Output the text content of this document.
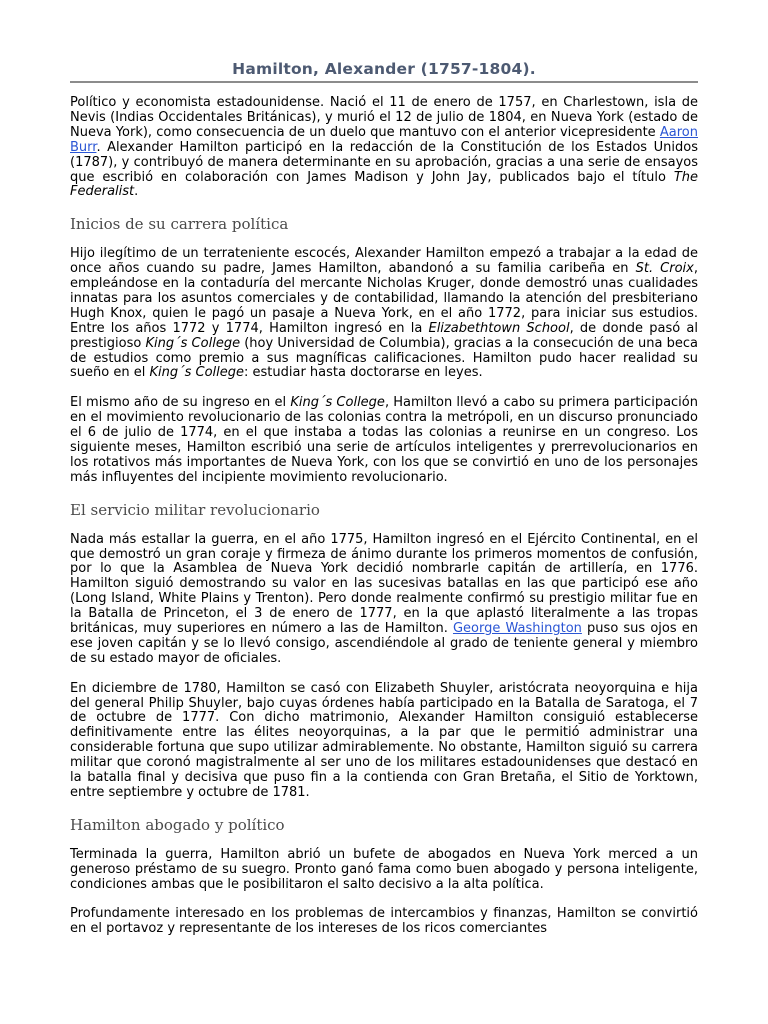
Hamilton, Alexander (1757-1804).

Político y economista estadounidense. Nació el 11 de enero de 1757, en Charlestown, isla de Nevis (Indias Occidentales Británicas), y murió el 12 de julio de 1804, en Nueva York (estado de Nueva York), como consecuencia de un duelo que mantuvo con el anterior vicepresidente Aaron Burr. Alexander Hamilton participó en la redacción de la Constitución de los Estados Unidos (1787), y contribuyó de manera determinante en su aprobación, gracias a una serie de ensayos que escribió en colaboración con James Madison y John Jay, publicados bajo el título The Federalist.

Inicios de su carrera política

Hijo ilegítimo de un terrateniente escocés, Alexander Hamilton empezó a trabajar a la edad de once años cuando su padre, James Hamilton, abandonó a su familia caribeña en St. Croix, empleándose en la contaduría del mercante Nicholas Kruger, donde demostró unas cualidades innatas para los asuntos comerciales y de contabilidad, llamando la atención del presbiteriano Hugh Knox, quien le pagó un pasaje a Nueva York, en el año 1772, para iniciar sus estudios. Entre los años 1772 y 1774, Hamilton ingresó en la Elizabethtown School, de donde pasó al prestigioso King´s College (hoy Universidad de Columbia), gracias a la consecución de una beca de estudios como premio a sus magníficas calificaciones. Hamilton pudo hacer realidad su sueño en el King´s College: estudiar hasta doctorarse en leyes.

El mismo año de su ingreso en el King´s College, Hamilton llevó a cabo su primera participación en el movimiento revolucionario de las colonias contra la metrópoli, en un discurso pronunciado el 6 de julio de 1774, en el que instaba a todas las colonias a reunirse en un congreso. Los siguiente meses, Hamilton escribió una serie de artículos inteligentes y prerrevolucionarios en los rotativos más importantes de Nueva York, con los que se convirtió en uno de los personajes más influyentes del incipiente movimiento revolucionario.

El servicio militar revolucionario

Nada más estallar la guerra, en el año 1775, Hamilton ingresó en el Ejército Continental, en el que demostró un gran coraje y firmeza de ánimo durante los primeros momentos de confusión, por lo que la Asamblea de Nueva York decidió nombrarle capitán de artillería, en 1776. Hamilton siguió demostrando su valor en las sucesivas batallas en las que participó ese año (Long Island, White Plains y Trenton). Pero donde realmente confirmó su prestigio militar fue en la Batalla de Princeton, el 3 de enero de 1777, en la que aplastó literalmente a las tropas británicas, muy superiores en número a las de Hamilton. George Washington puso sus ojos en ese joven capitán y se lo llevó consigo, ascendiéndole al grado de teniente general y miembro de su estado mayor de oficiales.

En diciembre de 1780, Hamilton se casó con Elizabeth Shuyler, aristócrata neoyorquina e hija del general Philip Shuyler, bajo cuyas órdenes había participado en la Batalla de Saratoga, el 7 de octubre de 1777. Con dicho matrimonio, Alexander Hamilton consiguió establecerse definitivamente entre las élites neoyorquinas, a la par que le permitió administrar una considerable fortuna que supo utilizar admirablemente. No obstante, Hamilton siguió su carrera militar que coronó magistralmente al ser uno de los militares estadounidenses que destacó en la batalla final y decisiva que puso fin a la contienda con Gran Bretaña, el Sitio de Yorktown, entre septiembre y octubre de 1781.

Hamilton abogado y político

Terminada la guerra, Hamilton abrió un bufete de abogados en Nueva York merced a un generoso préstamo de su suegro. Pronto ganó fama como buen abogado y persona inteligente, condiciones ambas que le posibilitaron el salto decisivo a la alta política.

Profundamente interesado en los problemas de intercambios y finanzas, Hamilton se convirtió en el portavoz y representante de los intereses de los ricos comerciantes
